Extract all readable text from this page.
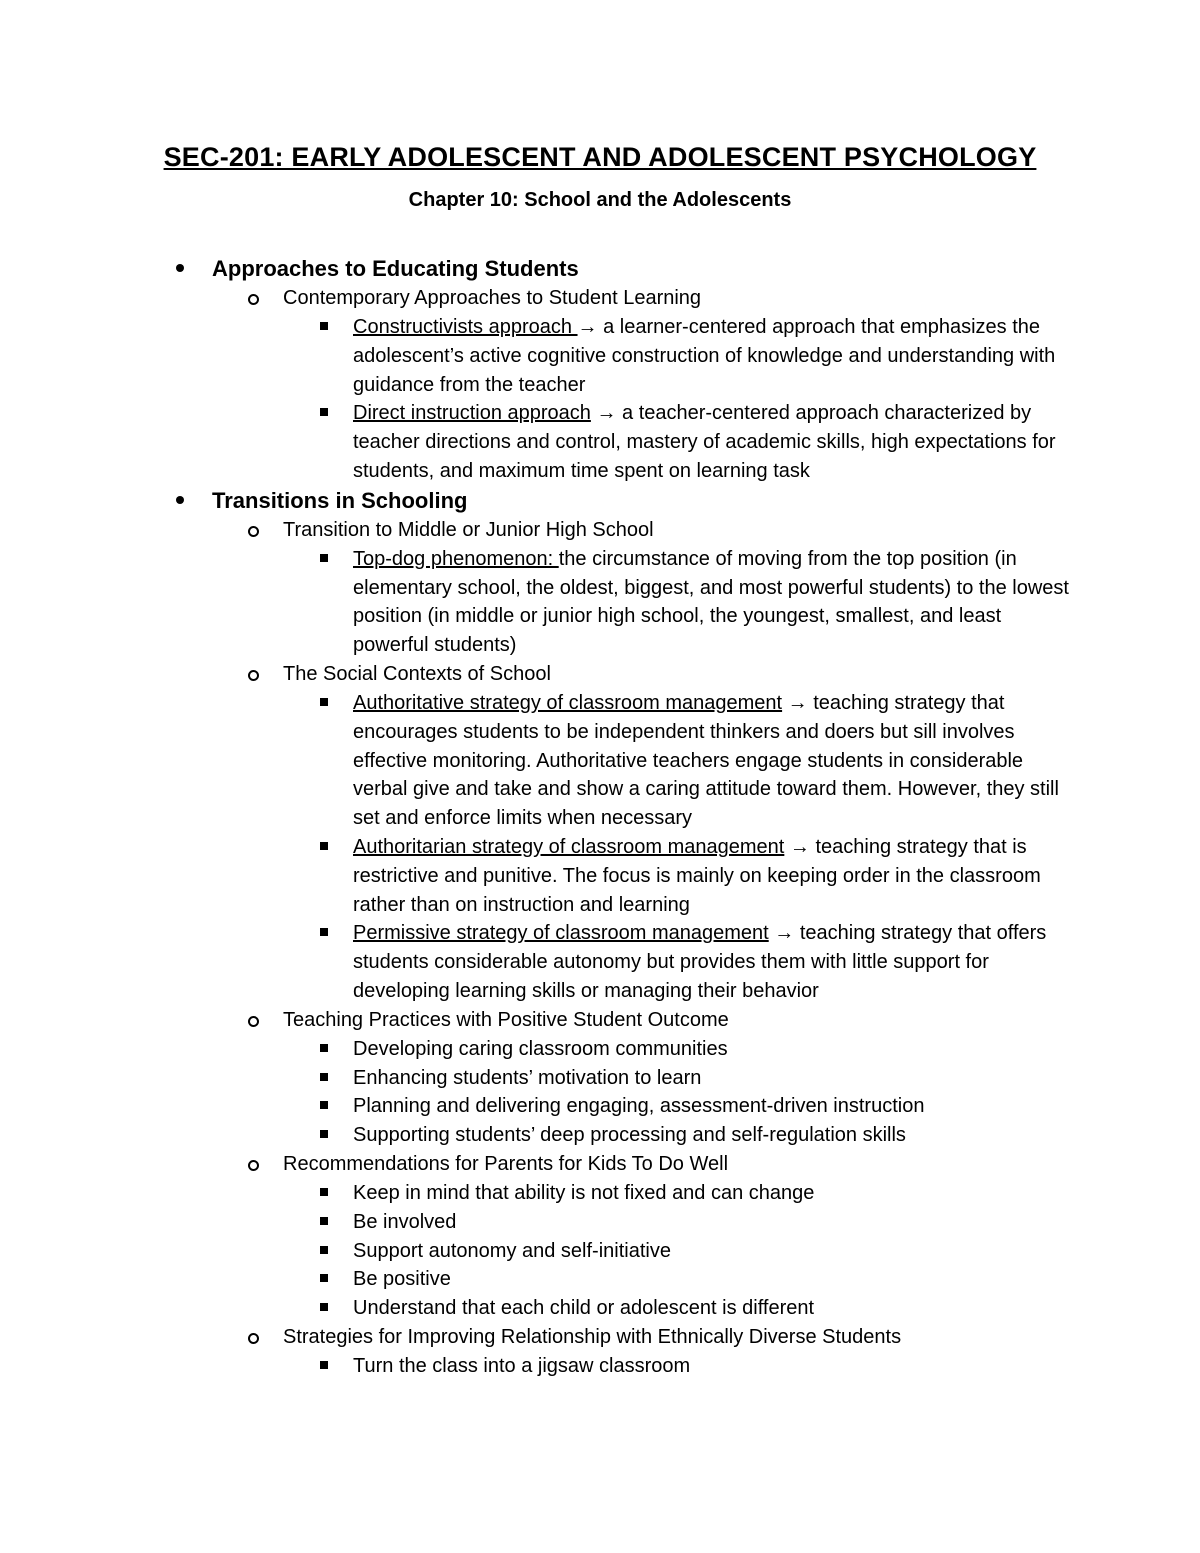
SEC-201: EARLY ADOLESCENT AND ADOLESCENT PSYCHOLOGY
Chapter 10: School and the Adolescents
Approaches to Educating Students
Contemporary Approaches to Student Learning
Constructivists approach → a learner-centered approach that emphasizes the adolescent’s active cognitive construction of knowledge and understanding with guidance from the teacher
Direct instruction approach → a teacher-centered approach characterized by teacher directions and control, mastery of academic skills, high expectations for students, and maximum time spent on learning task
Transitions in Schooling
Transition to Middle or Junior High School
Top-dog phenomenon: the circumstance of moving from the top position (in elementary school, the oldest, biggest, and most powerful students) to the lowest position (in middle or junior high school, the youngest, smallest, and least powerful students)
The Social Contexts of School
Authoritative strategy of classroom management → teaching strategy that encourages students to be independent thinkers and doers but sill involves effective monitoring. Authoritative teachers engage students in considerable verbal give and take and show a caring attitude toward them. However, they still set and enforce limits when necessary
Authoritarian strategy of classroom management → teaching strategy that is restrictive and punitive. The focus is mainly on keeping order in the classroom rather than on instruction and learning
Permissive strategy of classroom management → teaching strategy that offers students considerable autonomy but provides them with little support for developing learning skills or managing their behavior
Teaching Practices with Positive Student Outcome
Developing caring classroom communities
Enhancing students’ motivation to learn
Planning and delivering engaging, assessment-driven instruction
Supporting students’ deep processing and self-regulation skills
Recommendations for Parents for Kids To Do Well
Keep in mind that ability is not fixed and can change
Be involved
Support autonomy and self-initiative
Be positive
Understand that each child or adolescent is different
Strategies for Improving Relationship with Ethnically Diverse Students
Turn the class into a jigsaw classroom
